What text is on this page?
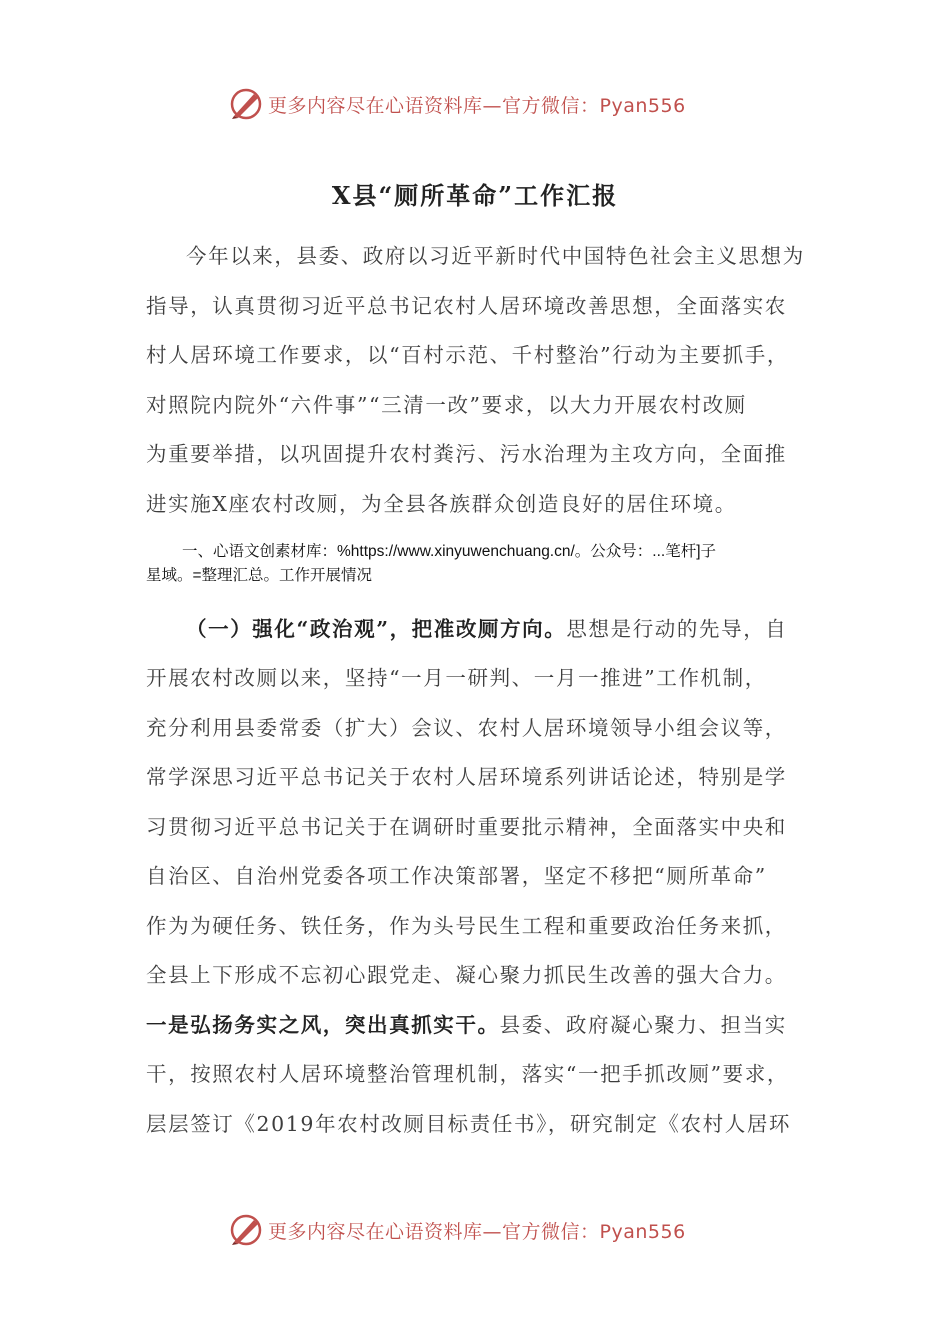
更多内容尽在心语资料库—官方微信：Pyan556
X县“厕所革命”工作汇报
今年以来，县委、政府以习近平新时代中国特色社会主义思想为
指导，认真贯彻习近平总书记农村人居环境改善思想，全面落实农
村人居环境工作要求，以“百村示范、千村整治”行动为主要抓手，
对照院内院外“六件事”“三清一改”要求，以大力开展农村改厕
为重要举措，以巩固提升农村粪污、污水治理为主攻方向，全面推
进实施X座农村改厕，为全县各族群众创造良好的居住环境。
一、心语文创素材库：%https://www.xinyuwenchuang.cn/。公众号：...笔杆]子
星域。=整理汇总。工作开展情况
（一）强化“政治观”，把准改厕方向。思想是行动的先导，自
开展农村改厕以来，坚持“一月一研判、一月一推进”工作机制，
充分利用县委常委（扩大）会议、农村人居环境领导小组会议等，
常学深思习近平总书记关于农村人居环境系列讲话论述，特别是学
习贯彻习近平总书记关于在调研时重要批示精神，全面落实中央和
自治区、自治州党委各项工作决策部署，坚定不移把“厕所革命”
作为为硬任务、铁任务，作为头号民生工程和重要政治任务来抓，
全县上下形成不忘初心跟党走、凝心聚力抓民生改善的强大合力。
一是弘扬务实之风，突出真抓实干。县委、政府凝心聚力、担当实
干，按照农村人居环境整治管理机制，落实“一把手抓改厕”要求，
层层签订《2019年农村改厕目标责任书》，研究制定《农村人居环
更多内容尽在心语资料库—官方微信：Pyan556
